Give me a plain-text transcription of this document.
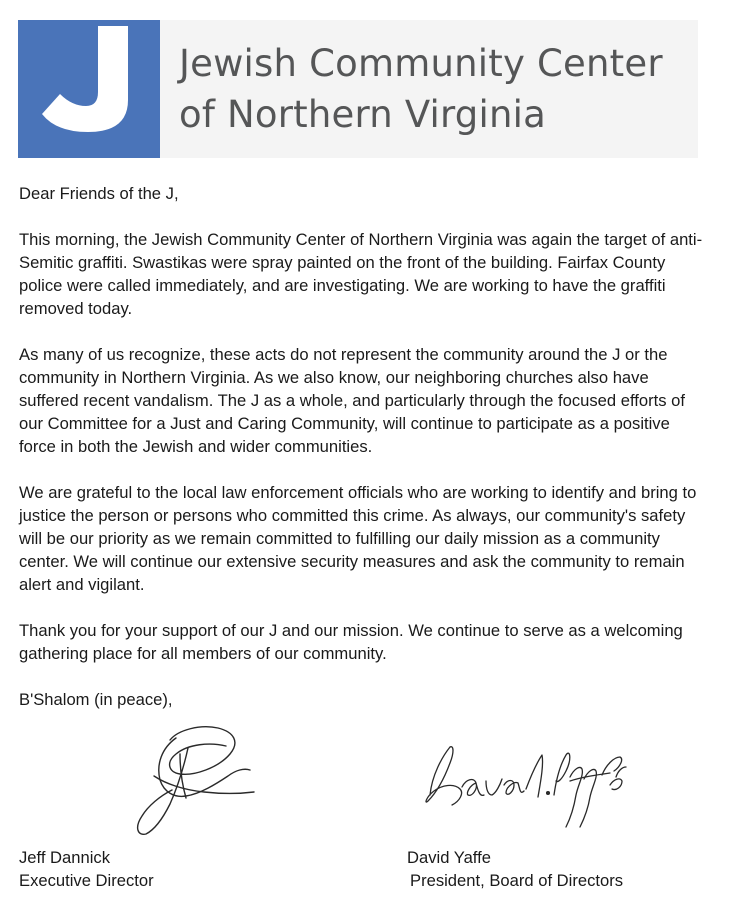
Jewish Community Center
of Northern Virginia

Dear Friends of the J,

This morning, the Jewish Community Center of Northern Virginia was again the target of anti-Semitic graffiti. Swastikas were spray painted on the front of the building. Fairfax County police were called immediately, and are investigating. We are working to have the graffiti removed today.

As many of us recognize, these acts do not represent the community around the J or the community in Northern Virginia. As we also know, our neighboring churches also have suffered recent vandalism. The J as a whole, and particularly through the focused efforts of our Committee for a Just and Caring Community, will continue to participate as a positive force in both the Jewish and wider communities.

We are grateful to the local law enforcement officials who are working to identify and bring to justice the person or persons who committed this crime. As always, our community's safety will be our priority as we remain committed to fulfilling our daily mission as a community center. We will continue our extensive security measures and ask the community to remain alert and vigilant.

Thank you for your support of our J and our mission. We continue to serve as a welcoming gathering place for all members of our community.

B'Shalom (in peace),

Jeff Dannick
Executive Director
David Yaffe
President, Board of Directors
